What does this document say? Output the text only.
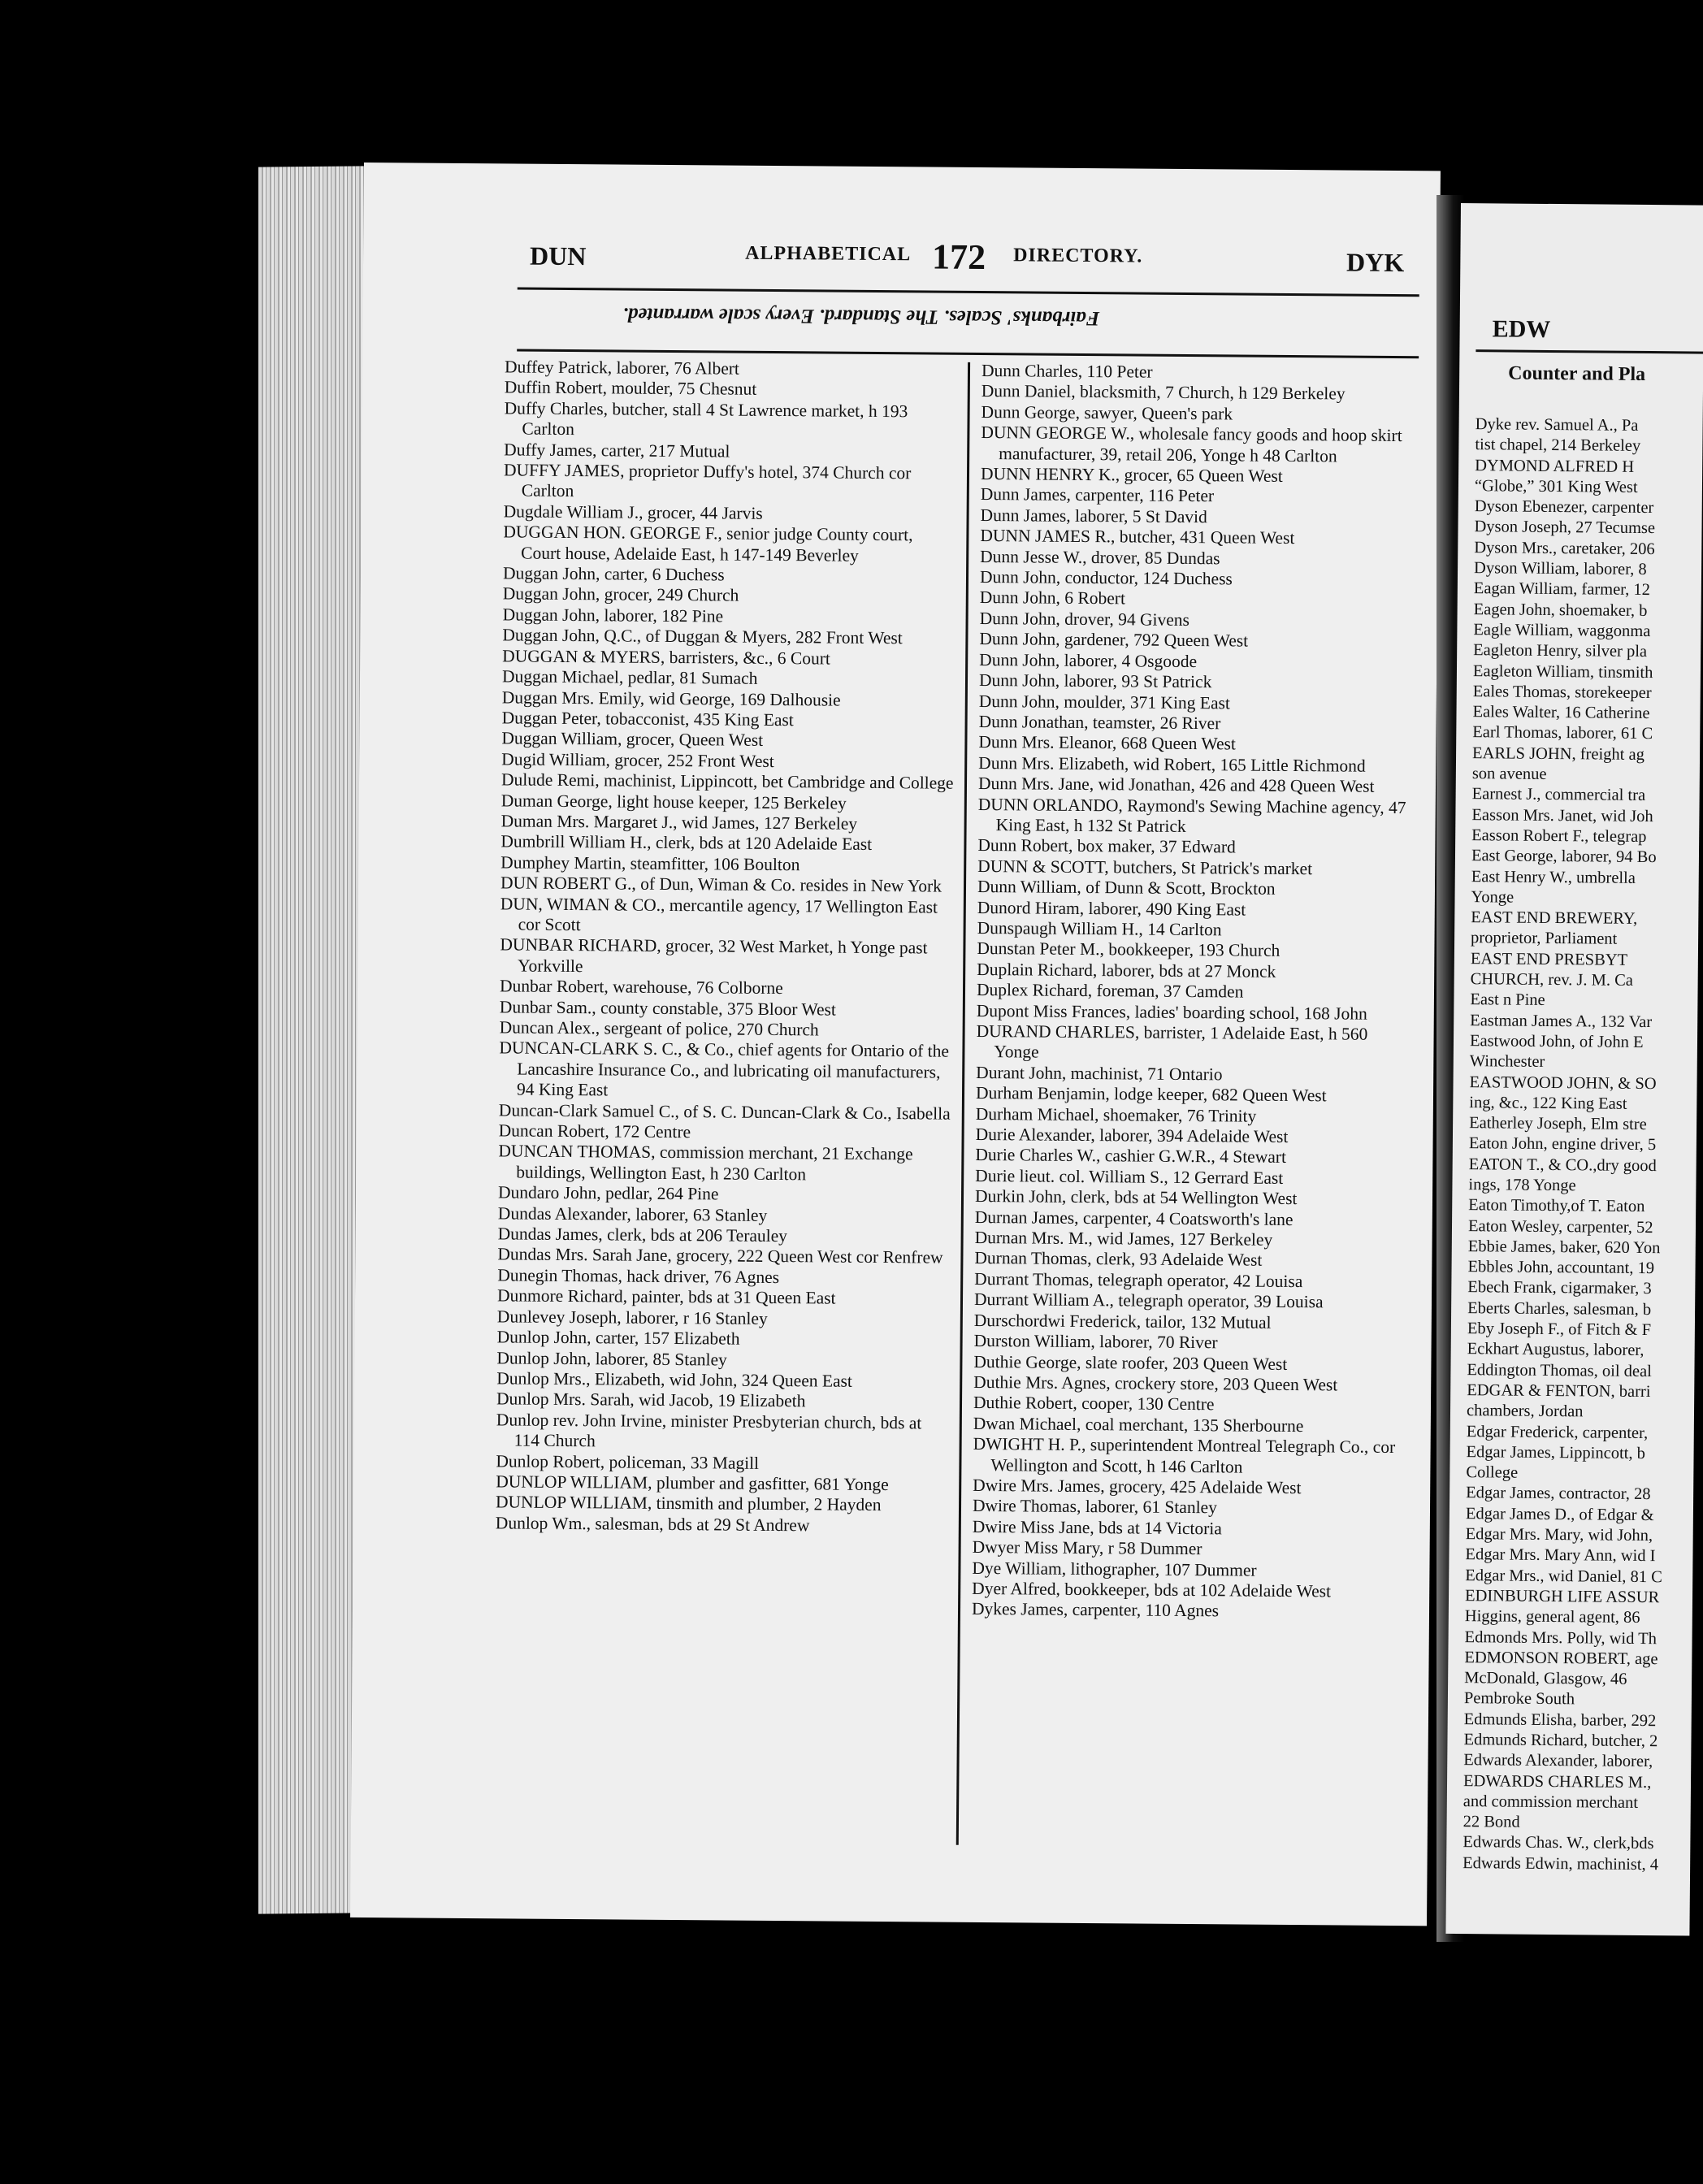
DUN	ALPHABETICAL 172 DIRECTORY.	DYK
Fairbanks' Scales. The Standard. Every scale warranted.
Duffey Patrick, laborer, 76 Albert
Duffin Robert, moulder, 75 Chesnut
Duffy Charles, butcher, stall 4 St Lawrence market, h 193 Carlton
Duffy James, carter, 217 Mutual
DUFFY JAMES, proprietor Duffy's hotel, 374 Church cor Carlton
Dugdale William J., grocer, 44 Jarvis
DUGGAN HON. GEORGE F., senior judge County court, Court house, Adelaide East, h 147-149 Beverley
Duggan John, carter, 6 Duchess
Duggan John, grocer, 249 Church
Duggan John, laborer, 182 Pine
Duggan John, Q.C., of Duggan & Myers, 282 Front West
DUGGAN & MYERS, barristers, &c., 6 Court
Duggan Michael, pedlar, 81 Sumach
Duggan Mrs. Emily, wid George, 169 Dalhousie
Duggan Peter, tobacconist, 435 King East
Duggan William, grocer, Queen West
Dugid William, grocer, 252 Front West
Dulude Remi, machinist, Lippincott, bet Cambridge and College
Duman George, light house keeper, 125 Berkeley
Duman Mrs. Margaret J., wid James, 127 Berkeley
Dumbrill William H., clerk, bds at 120 Adelaide East
Dumphey Martin, steamfitter, 106 Boulton
DUN ROBERT G., of Dun, Wiman & Co. resides in New York
DUN, WIMAN & CO., mercantile agency, 17 Wellington East cor Scott
DUNBAR RICHARD, grocer, 32 West Market, h Yonge past Yorkville
Dunbar Robert, warehouse, 76 Colborne
Dunbar Sam., county constable, 375 Bloor West
Duncan Alex., sergeant of police, 270 Church
DUNCAN-CLARK S. C., & Co., chief agents for Ontario of the Lancashire Insurance Co., and lubricating oil manufacturers, 94 King East
Duncan-Clark Samuel C., of S. C. Duncan-Clark & Co., Isabella
Duncan Robert, 172 Centre
DUNCAN THOMAS, commission merchant, 21 Exchange buildings, Wellington East, h 230 Carlton
Dundaro John, pedlar, 264 Pine
Dundas Alexander, laborer, 63 Stanley
Dundas James, clerk, bds at 206 Terauley
Dundas Mrs. Sarah Jane, grocery, 222 Queen West cor Renfrew
Dunegin Thomas, hack driver, 76 Agnes
Dunmore Richard, painter, bds at 31 Queen East
Dunlevey Joseph, laborer, r 16 Stanley
Dunlop John, carter, 157 Elizabeth
Dunlop John, laborer, 85 Stanley
Dunlop Mrs., Elizabeth, wid John, 324 Queen East
Dunlop Mrs. Sarah, wid Jacob, 19 Elizabeth
Dunlop rev. John Irvine, minister Presbyterian church, bds at 114 Church
Dunlop Robert, policeman, 33 Magill
DUNLOP WILLIAM, plumber and gasfitter, 681 Yonge
DUNLOP WILLIAM, tinsmith and plumber, 2 Hayden
Dunlop Wm., salesman, bds at 29 St Andrew
Dunn Charles, 110 Peter
Dunn Daniel, blacksmith, 7 Church, h 129 Berkeley
Dunn George, sawyer, Queen's park
DUNN GEORGE W., wholesale fancy goods and hoop skirt manufacturer, 39, retail 206, Yonge h 48 Carlton
DUNN HENRY K., grocer, 65 Queen West
Dunn James, carpenter, 116 Peter
Dunn James, laborer, 5 St David
DUNN JAMES R., butcher, 431 Queen West
Dunn Jesse W., drover, 85 Dundas
Dunn John, conductor, 124 Duchess
Dunn John, 6 Robert
Dunn John, drover, 94 Givens
Dunn John, gardener, 792 Queen West
Dunn John, laborer, 4 Osgoode
Dunn John, laborer, 93 St Patrick
Dunn John, moulder, 371 King East
Dunn Jonathan, teamster, 26 River
Dunn Mrs. Eleanor, 668 Queen West
Dunn Mrs. Elizabeth, wid Robert, 165 Little Richmond
Dunn Mrs. Jane, wid Jonathan, 426 and 428 Queen West
DUNN ORLANDO, Raymond's Sewing Machine agency, 47 King East, h 132 St Patrick
Dunn Robert, box maker, 37 Edward
DUNN & SCOTT, butchers, St Patrick's market
Dunn William, of Dunn & Scott, Brockton
Dunord Hiram, laborer, 490 King East
Dunspaugh William H., 14 Carlton
Dunstan Peter M., bookkeeper, 193 Church
Duplain Richard, laborer, bds at 27 Monck
Duplex Richard, foreman, 37 Camden
Dupont Miss Frances, ladies' boarding school, 168 John
DURAND CHARLES, barrister, 1 Adelaide East, h 560 Yonge
Durant John, machinist, 71 Ontario
Durham Benjamin, lodge keeper, 682 Queen West
Durham Michael, shoemaker, 76 Trinity
Durie Alexander, laborer, 394 Adelaide West
Durie Charles W., cashier G.W.R., 4 Stewart
Durie lieut. col. William S., 12 Gerrard East
Durkin John, clerk, bds at 54 Wellington West
Durnan James, carpenter, 4 Coatsworth's lane
Durnan Mrs. M., wid James, 127 Berkeley
Durnan Thomas, clerk, 93 Adelaide West
Durrant Thomas, telegraph operator, 42 Louisa
Durrant William A., telegraph operator, 39 Louisa
Durschordwi Frederick, tailor, 132 Mutual
Durston William, laborer, 70 River
Duthie George, slate roofer, 203 Queen West
Duthie Mrs. Agnes, crockery store, 203 Queen West
Duthie Robert, cooper, 130 Centre
Dwan Michael, coal merchant, 135 Sherbourne
DWIGHT H. P., superintendent Montreal Telegraph Co., cor Wellington and Scott, h 146 Carlton
Dwire Mrs. James, grocery, 425 Adelaide West
Dwire Thomas, laborer, 61 Stanley
Dwire Miss Jane, bds at 14 Victoria
Dwyer Miss Mary, r 58 Dummer
Dye William, lithographer, 107 Dummer
Dyer Alfred, bookkeeper, bds at 102 Adelaide West
Dykes James, carpenter, 110 Agnes
EDW
Counter and Pla
Dyke rev. Samuel A., Pa
tist chapel, 214 Berkeley
DYMOND ALFRED H
“Globe,” 301 King West
Dyson Ebenezer, carpenter
Dyson Joseph, 27 Tecumse
Dyson Mrs., caretaker, 206
Dyson William, laborer, 8
Eagan William, farmer, 12
Eagen John, shoemaker, b
Eagle William, waggonma
Eagleton Henry, silver pla
Eagleton William, tinsmith
Eales Thomas, storekeeper
Eales Walter, 16 Catherine
Earl Thomas, laborer, 61 C
EARLS JOHN, freight ag
son avenue
Earnest J., commercial tra
Easson Mrs. Janet, wid Joh
Easson Robert F., telegrap
East George, laborer, 94 Bo
East Henry W., umbrella
Yonge
EAST END BREWERY,
proprietor, Parliament
EAST END PRESBYT
CHURCH, rev. J. M. Ca
East n Pine
Eastman James A., 132 Var
Eastwood John, of John E
Winchester
EASTWOOD JOHN, & SO
ing, &c., 122 King East
Eatherley Joseph, Elm stre
Eaton John, engine driver, 5
EATON T., & CO.,dry good
ings, 178 Yonge
Eaton Timothy,of T. Eaton
Eaton Wesley, carpenter, 52
Ebbie James, baker, 620 Yon
Ebbles John, accountant, 19
Ebech Frank, cigarmaker, 3
Eberts Charles, salesman, b
Eby Joseph F., of Fitch & F
Eckhart Augustus, laborer,
Eddington Thomas, oil deal
EDGAR & FENTON, barri
chambers, Jordan
Edgar Frederick, carpenter,
Edgar James, Lippincott, b
College
Edgar James, contractor, 28
Edgar James D., of Edgar &
Edgar Mrs. Mary, wid John,
Edgar Mrs. Mary Ann, wid I
Edgar Mrs., wid Daniel, 81 C
EDINBURGH LIFE ASSUR
Higgins, general agent, 86
Edmonds Mrs. Polly, wid Th
EDMONSON ROBERT, age
McDonald, Glasgow, 46
Pembroke South
Edmunds Elisha, barber, 292
Edmunds Richard, butcher, 2
Edwards Alexander, laborer,
EDWARDS CHARLES M.,
and commission merchant
22 Bond
Edwards Chas. W., clerk,bds
Edwards Edwin, machinist, 4
